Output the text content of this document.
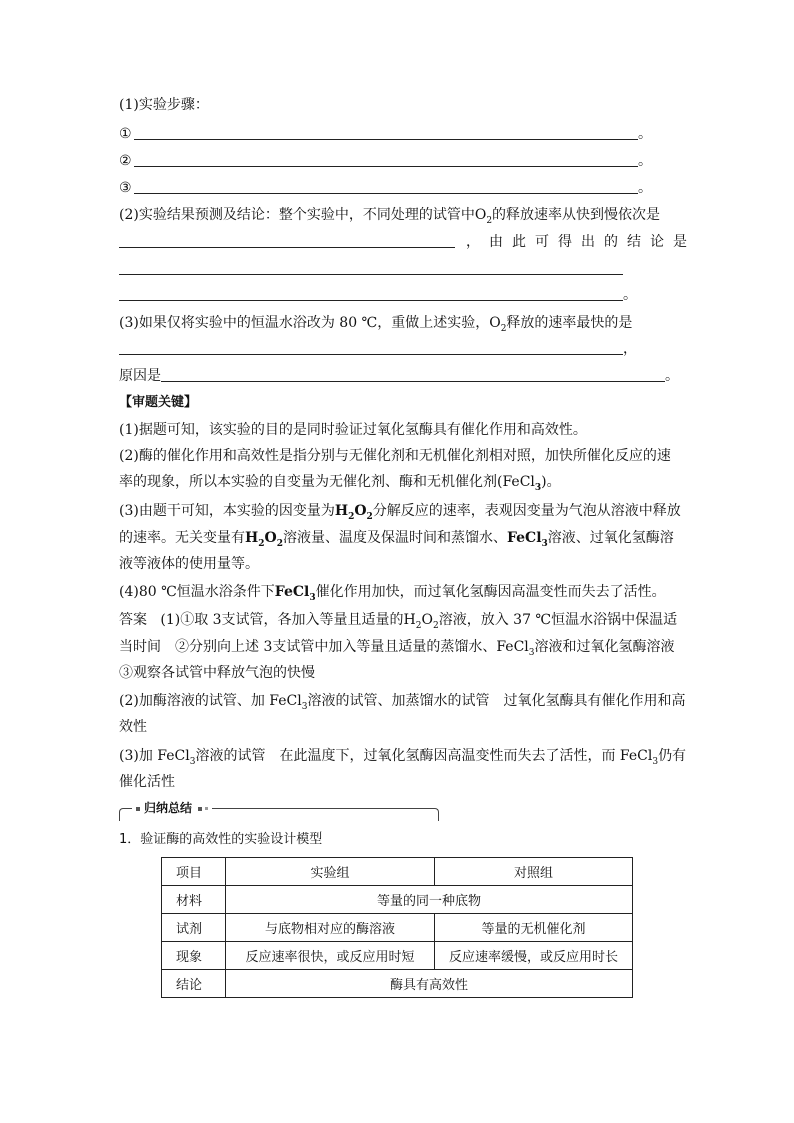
(1)实验步骤：
①	。
②	。
③	。
(2)实验结果预测及结论：整个实验中，不同处理的试管中$O_2$的释放速率从快到慢依次是
，由此可得出的结论是
。
(3)如果仅将实验中的恒温水浴改为 80 ℃，重做上述实验，$O_2$释放的速率最快的是
，
原因是	。
【审题关键】
(1)据题可知，该实验的目的是同时验证过氧化氢酶具有催化作用和高效性。
(2)酶的催化作用和高效性是指分别与无催化剂和无机催化剂相对照，加快所催化反应的速
率的现象，所以本实验的自变量为无催化剂、酶和无机催化剂(FeCl$_3$)。
(3)由题干可知，本实验的因变量为$H_2O_2$分解反应的速率，表观因变量为气泡从溶液中释放
的速率。无关变量有$H_2O_2$溶液量、温度及保温时间和蒸馏水、FeCl$_3$溶液、过氧化氢酶溶
液等液体的使用量等。
(4)80 ℃恒温水浴条件下FeCl$_3$催化作用加快，而过氧化氢酶因高温变性而失去了活性。
答案 (1)①取 3支试管，各加入等量且适量的$H_2O_2$溶液，放入 37 ℃恒温水浴锅中保温适
当时间　②分别向上述 3支试管中加入等量且适量的蒸馏水、FeCl$_3$溶液和过氧化氢酶溶液
③观察各试管中释放气泡的快慢
(2)加酶溶液的试管、加 FeCl$_3$溶液的试管、加蒸馏水的试管　过氧化氢酶具有催化作用和高
效性
(3)加 FeCl$_3$溶液的试管　在此温度下，过氧化氢酶因高温变性而失去了活性，而 FeCl$_3$仍有
催化活性
归纳总结
1．验证酶的高效性的实验设计模型
项目	实验组	对照组
材料	等量的同一种底物	
试剂	与底物相对应的酶溶液	等量的无机催化剂
现象	反应速率很快，或反应用时短	反应速率缓慢，或反应用时长
结论	酶具有高效性	
